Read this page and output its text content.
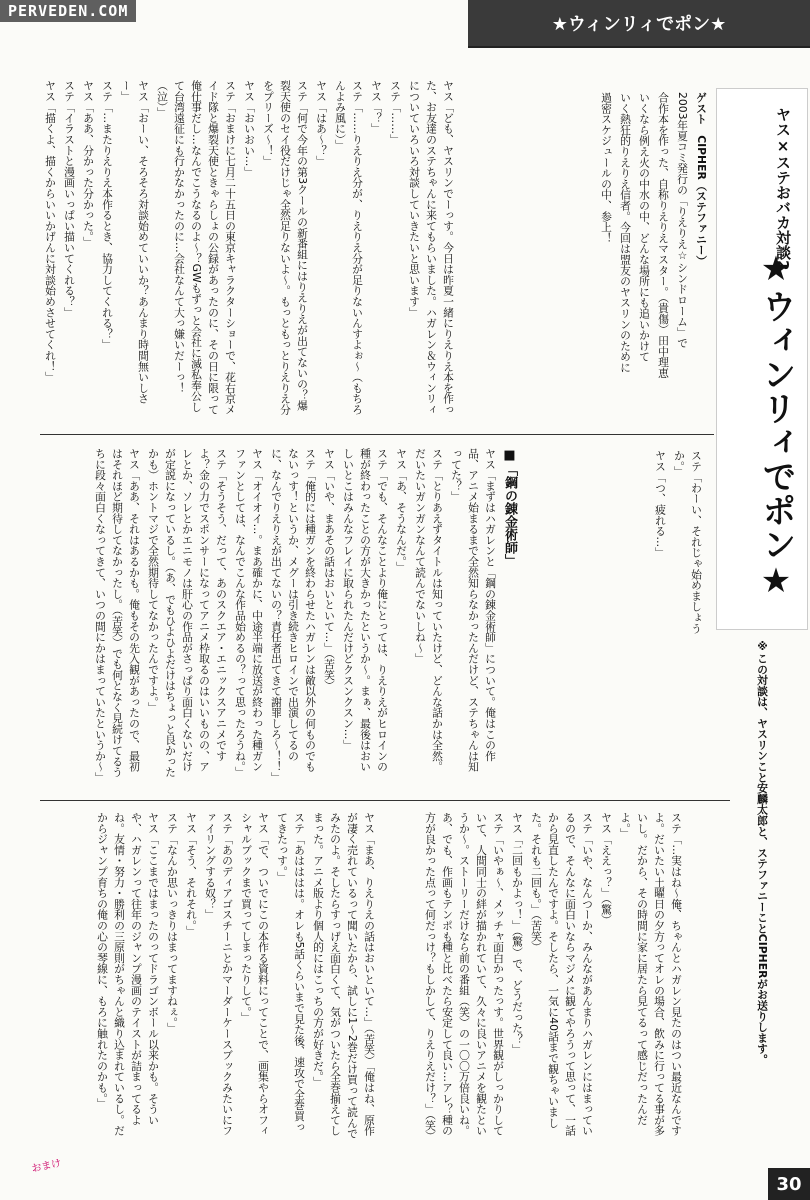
PERVEDEN.COM
★ウィンリィでポン★
ヤス×ステおバカ対談2
★ウィンリィでポン★

ゲスト　CIPHER（ステファニー）

2003年夏コミ発行の「りえりえ☆シンドローム」で

合作本を作った、自称りえりえマスター。（貴傷）田中理恵

いくなら例え火の中水の中、どんな場所にも追いかけて

いく熱狂的りえりえ信者。今回は盟友のヤスリンのために

過密スケジュールの中、参上！

ヤス「ども、ヤスリンでーっす。今日は昨夏一緒にりえりえ本を作った、お友達のステちゃんに来てもらいました。ハガレン＆ウィンリィについていろいろ対談していきたいと思います」

ステ「……」

ヤス「？」

ステ「……りえりえ分が、りえりえ分が足りないんすよぉ～（もちろんよみ風に）」

ヤス「はあ～？」

ステ「何で今年の第3クールの新番組にはりえりえが出てないの？爆裂天使のセイ役だけじゃ全然足りないよ～。もっともっとりえりえ分をプリーズ～！」

ヤス「おいおい…」

ステ「おまけに七月二十五日の東京キャラクターショーで、花右京メイド隊と爆裂天使ときゃらしょの公録があったのに、その日に限って俺仕事だし…なんでこうなるのよ～？GWもずっと会社に滅私奉公して台湾遠征にも行かなかったのに…会社なんて大っ嫌いだーっ！（泣）」

ヤス「おーい、そろそろ対談始めていいか？あんまり時間無いしさー」

ステ「…またりえりえ本作るとき、協力してくれる？」

ヤス「ああ、分かった分かった。」

ステ「イラストと漫画いっぱい描いてくれる？」

ヤス「描くよ、描くからいいかげんに対談始めさせてくれ！」

ステ「わーい、それじゃ始めましょうか。」

ヤス「つ、疲れる…」

■「鋼の錬金術師」

ヤス「まずはハガレンと「鋼の錬金術師」について。俺はこの作品、アニメ始まるまで全然知らなかったんだけど、ステちゃんは知ってた？」

ステ「とりあえずタイトルは知っていたけど、どんな話かは全然。だいたいガンガンなんて読んでないしね～」

ヤス「あ、そうなんだ。」

ステ「でも、そんなことより俺にとっては、りえりえがヒロインの種が終わったことの方が大きかったというか～。まぁ、最後はおいしいとこはみんなフレイに取られたんだけどクスンクスン…」

ヤス「いや、まあその話はおいといて…」（苦笑）

ステ「俺的には種ガンを終わらせたハガレンは敵以外の何ものでもないっす！というか、メグーは引き続きヒロインで出演してるのに、なんでりえりえが出てないの？責任者出てきて謝罪しろ～！！」

ヤス「オイオイ…。まあ確かに、中途半端に放送が終わった種ガンファンとしては、なんでこんな作品始めるの？って思ったろうね。」

ステ「そうそう、だって、あのスクエア・エニックスアニメですよ？金の力でスポンサーになってアニメ枠取るのはいいものの、アレとか、ソレとかエニモノは肝心の作品がさっぱり面白くないだけが定説になっているし。（あ、でもひよひよだけはちょっと良かったかも）ホントマジで全然期待してなかったんですよ。」

ヤス「ああ、それはあるかも。俺もその先入観があったので、最初はそれほど期待してなかったし。（苦笑）でも何となく見続けてるうちに段々面白くなってきて、いつの間にかはまっていたというか～」

※この対談は、ヤスリンこと安麟太郎と、ステファニーことCIPHERがお送りします。

ステ「…実はね～俺、ちゃんとハガレン見たのはつい最近なんですよ。だいたい土曜日の夕方ってオレの場合、飲みに行ってる事が多いし。だから、その時間に家に居たら見てるって感じだったんだよ。」

ヤス「ええっ？」（驚）

ステ「いや、なんつーか、みんながあんまりハガレンにはまっているので、そんなに面白いならマジメに観てやろうって思って、一話から見直したんですよ。そしたら、一気に40話まで観ちゃいました。それも二回も。」（苦笑）

ヤス「二回もかよっ！」（驚）で、どうだった？」

ステ「いやぁ～、メッチャ面白かったっす。世界観がしっかりしていて、人間同士の絆が描かれていて、久々に良いアニメを観たというか～。ストーリーだけなら前の番組（笑）の一〇〇万倍良いね。あ、でも、作画もテンポも種と比べたら安定して良い…アレ？種の方が良かった点って何だっけ？もしかして、りえりえだけ？」（笑）

ヤス「まあ、りえりえの話はおいといて…」（苦笑）「俺はね、原作が凄く売れているって聞いたから、試しに1～2巻だけ買って読んでみたのよ。そしたらすっげえ面白くて、気がついたら全巻揃えてしまった。アニメ版より個人的にはこっちの方が好きだ。」

ステ「あはははは。オレも5話くらいまで見た後、速攻で全巻買ってきたっす。」

ヤス「で、ついでにこの本作る資料にってことで、画集やらオフィシャルブックまで買ってしまったりして。」

ステ「あのディアゴスチーニとかマーダーケースブックみたいにファイリングする奴？」

ヤス「そう、それそれ。」

ステ「なんか思いっきりはまってますねぇ。」

ヤス「ここまではまったのってドラゴンボール以来かも。そういや、ハガレンって往年のジャンプ漫画のテイストが詰まってるよね。友情・努力・勝利の三原則がちゃんと織り込まれているし。だからジャンプ育ちの俺の心の琴線に、もろに触れたのかも。」

おまけ
30
